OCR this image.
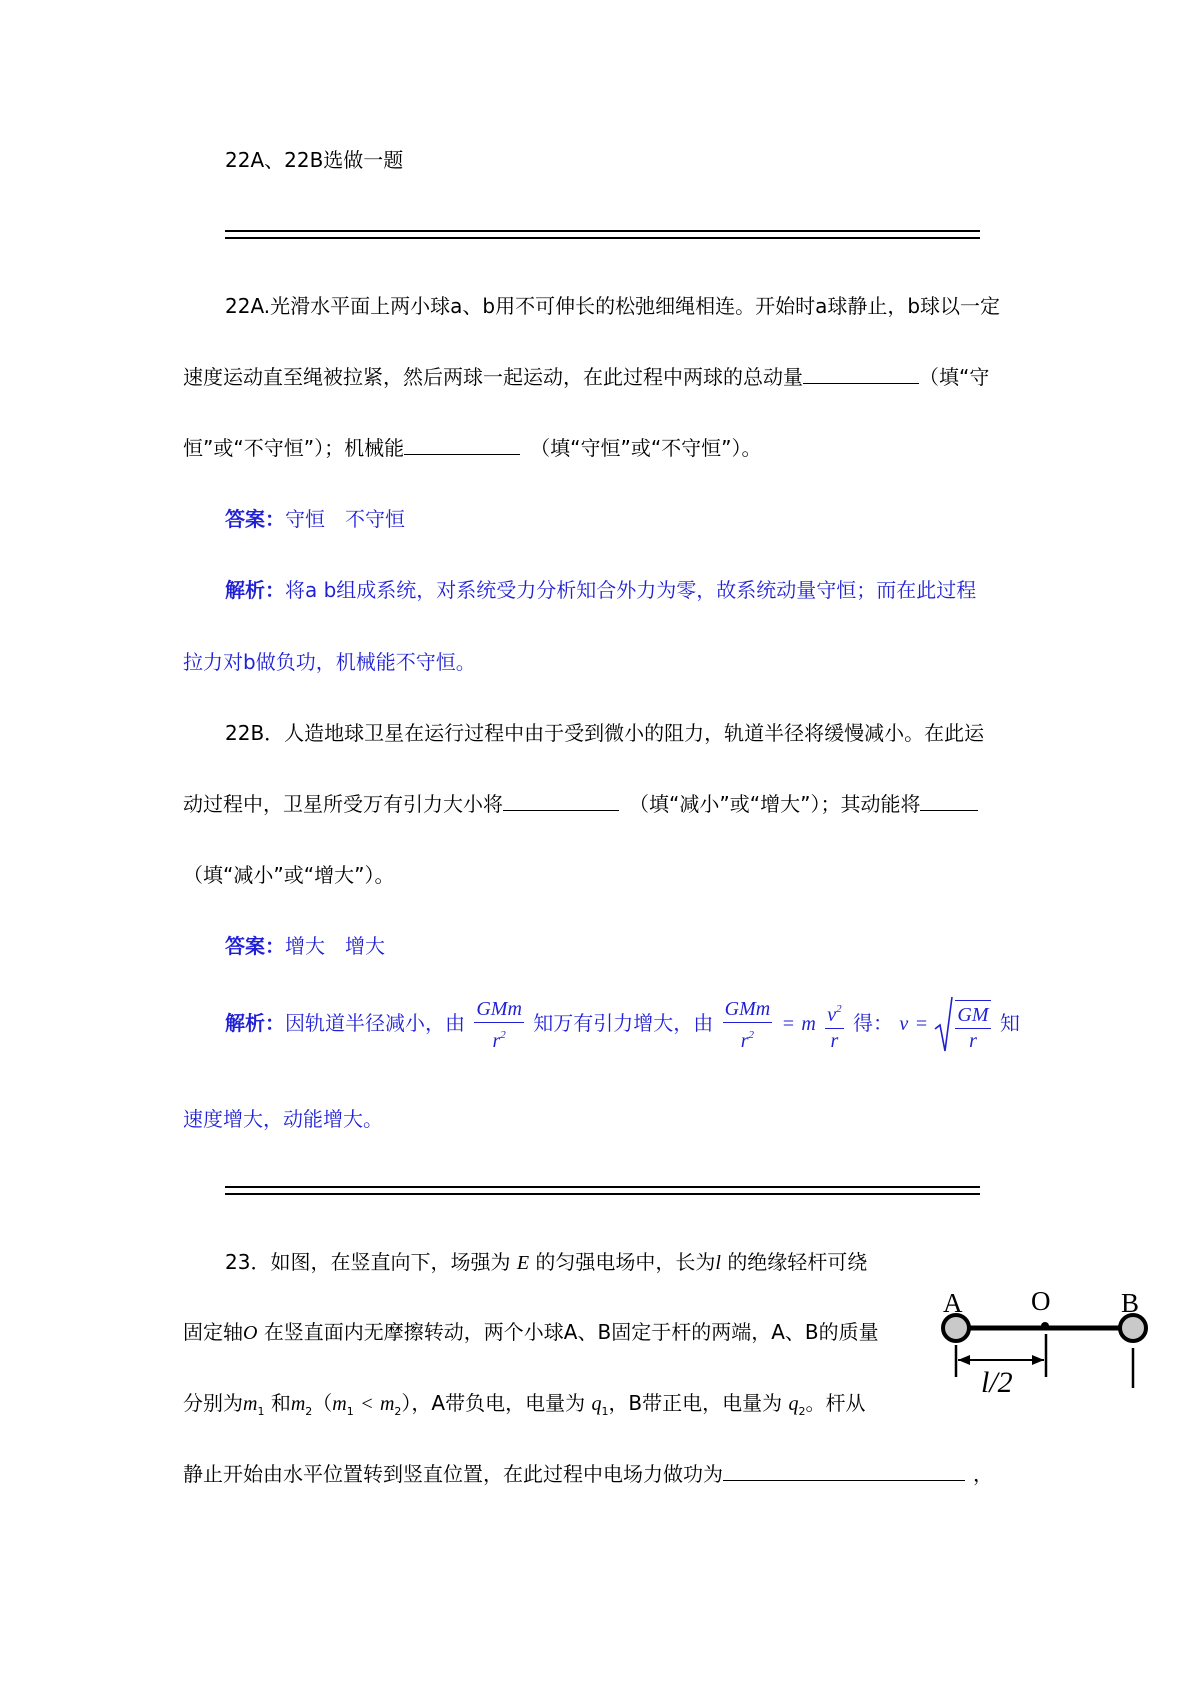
22A、22B选做一题
22A.光滑水平面上两小球a、b用不可伸长的松弛细绳相连。开始时a球静止，b球以一定
速度运动直至绳被拉紧，然后两球一起运动，在此过程中两球的总动量	（填“守
恒”或“不守恒”）；机械能	（填“守恒”或“不守恒”）。
答案：守恒　不守恒
解析：将a b组成系统，对系统受力分析知合外力为零，故系统动量守恒；而在此过程
拉力对b做负功，机械能不守恒。
22B．人造地球卫星在运行过程中由于受到微小的阻力，轨道半径将缓慢减小。在此运
动过程中，卫星所受万有引力大小将	（填“减小”或“增大”）；其动能将
（填“减小”或“增大”）。
答案：增大　增大
解析：因轨道半径减小，由 $\frac{\text{GMm}}{r^2}$ 知万有引力增大，由 $\frac{\text{GMm}}{r^2} = m \frac{v^2}{r}$ 得： $v = \frac{GM}{r}$ 知
速度增大，动能增大。
23．如图，在竖直向下，场强为 E 的匀强电场中，长为l 的绝缘轻杆可绕
固定轴O 在竖直面内无摩擦转动，两个小球A、B固定于杆的两端，A、B的质量
分别为$m_1$ 和$m_2(m_1 < m_2)$，A带负电，电量为 $q_1$，B带正电，电量为 $q_2$。杆从
静止开始由水平位置转到竖直位置，在此过程中电场力做功为	，
A	O	B
l/2
